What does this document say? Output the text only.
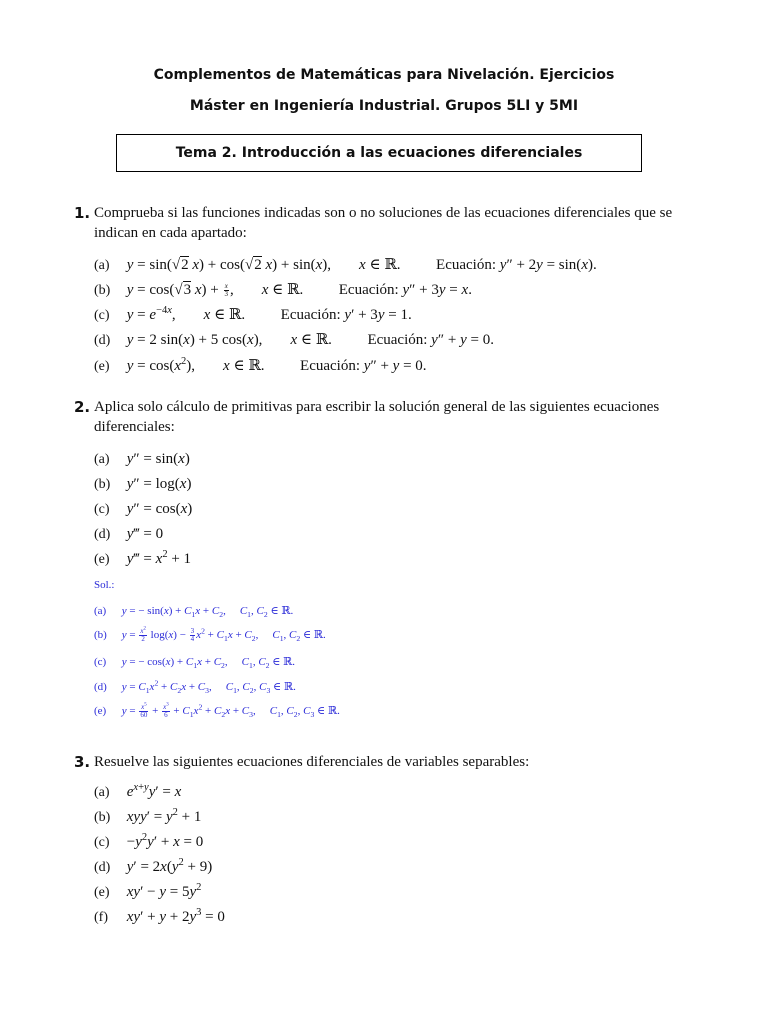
Complementos de Matemáticas para Nivelación. Ejercicios
Máster en Ingeniería Industrial. Grupos 5LI y 5MI
Tema 2. Introducción a las ecuaciones diferenciales
1. Comprueba si las funciones indicadas son o no soluciones de las ecuaciones diferenciales que se indican en cada apartado:
(a) y = sin(√2 x) + cos(√2 x) + sin(x), x ∈ ℝ. Ecuación: y″ + 2y = sin(x).
(b) y = cos(√3 $x) + \frac{x}{3}$ , x ∈ ℝ. Ecuación: y″ + 3y = x.
(c) $y = e^{-4x}$, x ∈ ℝ. Ecuación: y′ + 3y = 1.
(d) y = 2 sin(x) + 5 cos(x), x ∈ ℝ. Ecuación: y″ + y = 0.
(e) $y = \cos(x^2)$, x ∈ ℝ. Ecuación: y″ + y = 0.
2. Aplica solo cálculo de primitivas para escribir la solución general de las siguientes ecuaciones diferenciales:
(a) y″ = sin(x)
(b) y″ = log(x)
(c) y″ = cos(x)
(d) y‴ = 0
(e) y‴ = $x^2 + 1$
Sol.:
(a) y = − $\sin(x) + C_1x + C_2$, $C_1$, $C_2$ ∈ ℝ.
(b) $y = \frac{x^2}{2} \log(x) - \frac{3}{4} x^2 + C_1x + C_2$, $C_1$, $C_2$ ∈ ℝ.
(c) y = − $\cos(x) + C_1x + C_2$, $C_1$, $C_2$ ∈ ℝ.
(d) $y = C_1x^2 + C_2x + C_3$, $C_1$, $C_2$, $C_3$ ∈ ℝ.
(e) $y = \frac{x^5}{60} + \frac{x^3}{6} + C_1x^2 + C_2x + C_3$, $C_1$, $C_2$, $C_3$ ∈ ℝ.
3. Resuelve las siguientes ecuaciones diferenciales de variables separables:
(a) $e^{x+y}y' = x$
(b) $xyy' = y^2 + 1$
$(c) -y^2y' + x = 0$
(d) $y' = 2x(y^2 + 9)$
(e) $xy' - y = 5y^2$
(f) $xy' + y + 2y^3 = 0$
